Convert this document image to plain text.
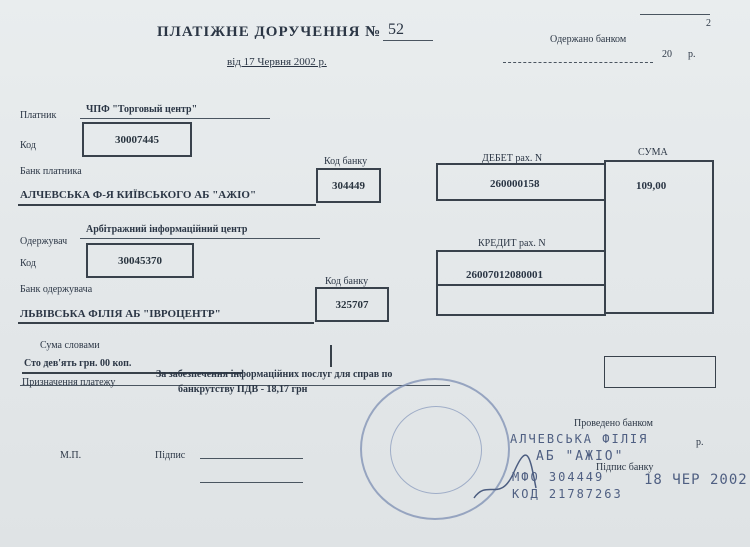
ПЛАТІЖНЕ ДОРУЧЕННЯ № 52
від 17 Червня 2002 р.
Одержано банком
20 р.
2
Платник
ЧПФ "Торговый центр"
Код	30007445
Банк платника
АЛЧЕВСЬКА Ф-Я КИЇВСЬКОГО АБ "АЖІО"
Код банку
304449
ДЕБЕТ рах. N
СУМА
260000158	109,00
Одержувач
Арбітражний інформаційний центр
Код	30045370
Банк одержувача
ЛЬВІВСЬКА ФІЛІЯ АБ "ІВРОЦЕНТР"
Код банку
325707
КРЕДИТ рах. N
26007012080001
Сума словами
Сто дев'ять грн. 00 коп.
Призначення платежу
За забезпечення інформаційних послуг для справ по
банкрутству ПДВ - 18,17 грн
М.П.	Підпис
Проведено банком
р.
Підпис банку
АЛЧЕВСЬКА ФІЛІЯ
АБ "АЖІО"
МФО 304449
КОД 21787263
18 ЧЕР 2002
